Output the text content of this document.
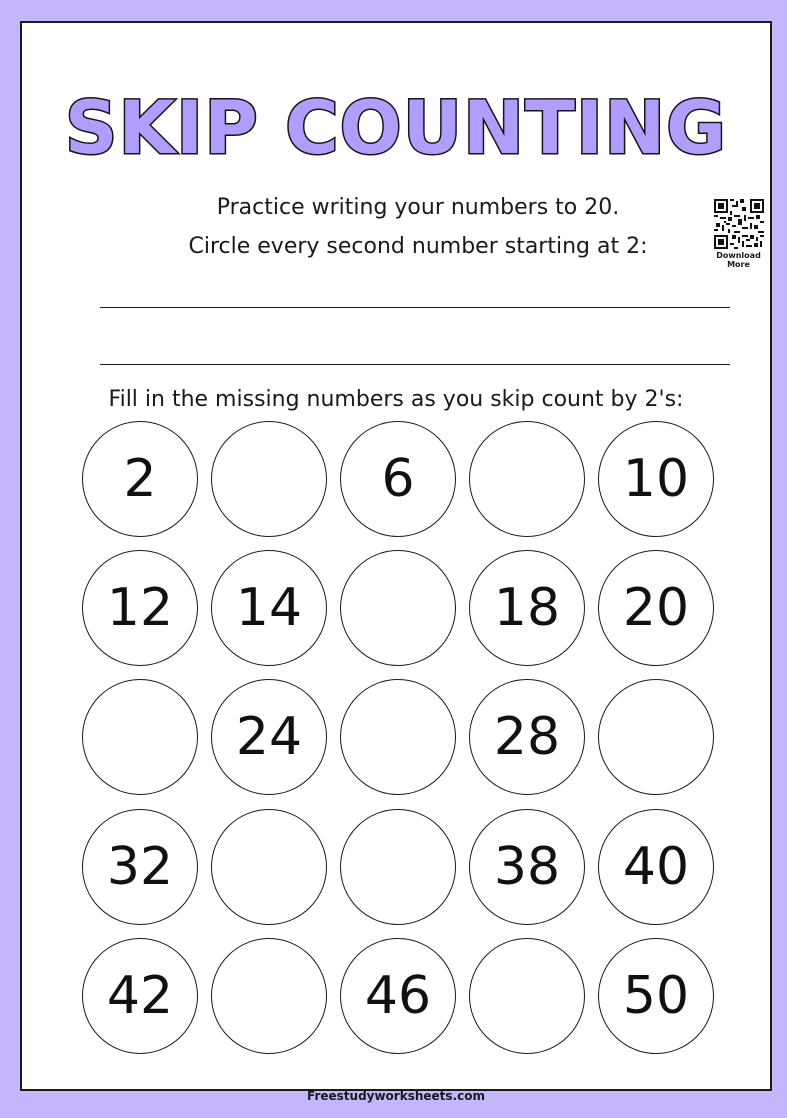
SKIP COUNTING
Practice writing your numbers to 20.
Circle every second number starting at 2:	Download More
Fill in the missing numbers as you skip count by 2's:
2	6	10
12	14	18	20
24	28
32	38	40
42	46	50
Freestudyworksheets.com
